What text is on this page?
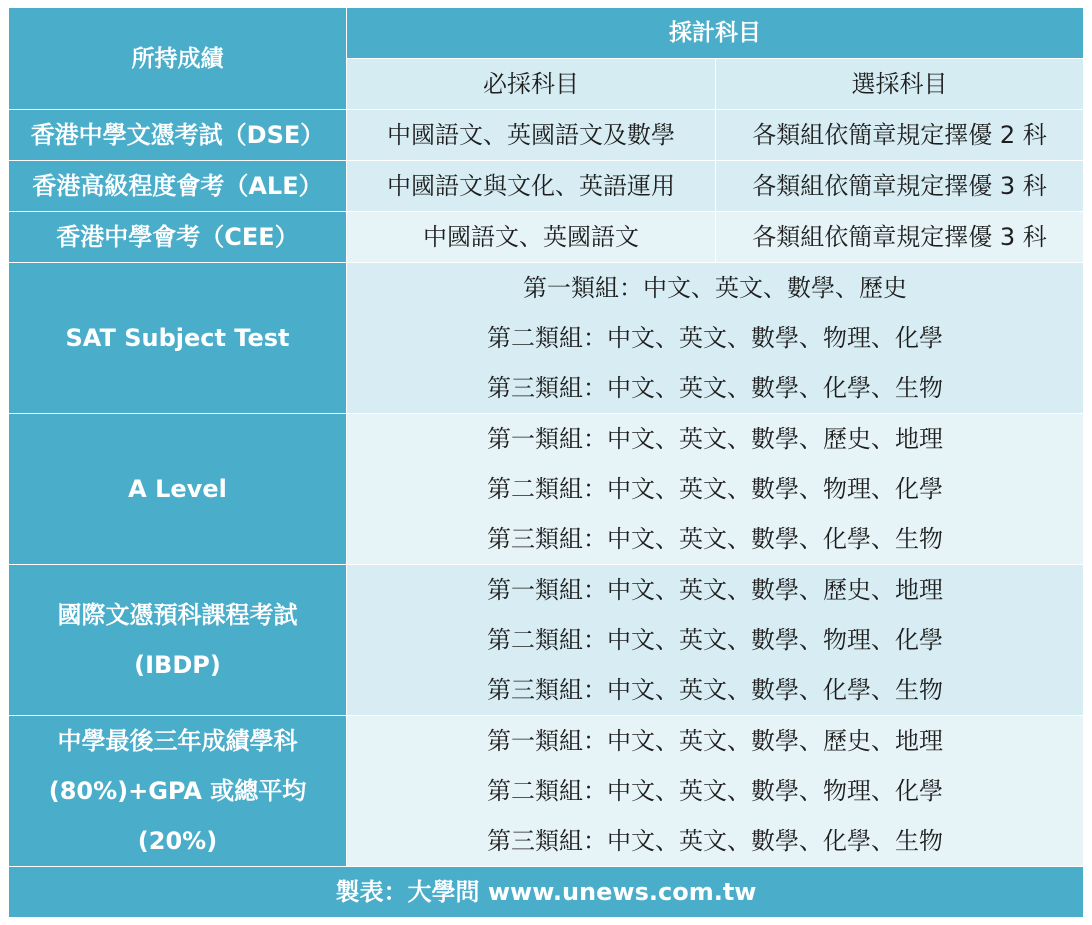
所持成績	採計科目	
	必採科目	選採科目
香港中學文憑考試（DSE）	中國語文、英國語文及數學	各類組依簡章規定擇優 2 科
香港高級程度會考（ALE）	中國語文與文化、英語運用	各類組依簡章規定擇優 3 科
香港中學會考（CEE）	中國語文、英國語文	各類組依簡章規定擇優 3 科

SAT Subject Test	第一類組：中文、英文、數學、歷史
第二類組：中文、英文、數學、物理、化學
第三類組：中文、英文、數學、化學、生物	

A Level	第一類組：中文、英文、數學、歷史、地理
第二類組：中文、英文、數學、物理、化學
第三類組：中文、英文、數學、化學、生物	

國際文憑預科課程考試
(IBDP)	第一類組：中文、英文、數學、歷史、地理
第二類組：中文、英文、數學、物理、化學
第三類組：中文、英文、數學、化學、生物	

中學最後三年成績學科
(80%)+GPA 或總平均
(20%)	第一類組：中文、英文、數學、歷史、地理
第二類組：中文、英文、數學、物理、化學
第三類組：中文、英文、數學、化學、生物	

製表：大學問 www.unews.com.tw		
